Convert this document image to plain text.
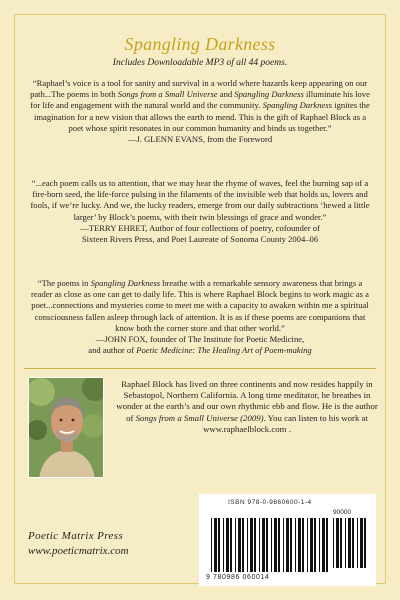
Spangling Darkness
Includes Downloadable MP3 of all 44 poems.
“Raphael’s voice is a tool for sanity and survival in a world where hazards keep appearing on our path...The poems in both Songs from a Small Universe and Spangling Darkness illuminate his love for life and engagement with the natural world and the community. Spangling Darkness ignites the imagination for a new vision that allows the earth to mend. This is the gift of Raphael Block as a poet whose spirit resonates in our common humanity and binds us together.”
—J. GLENN EVANS, from the Foreword
“...each poem calls us to attention, that we may hear the rhyme of waves, feel the burning sap of a fire-born seed, the life-force pulsing in the filaments of the invisible web that holds us, lovers and fools, if we’re lucky. And we, the lucky readers, emerge from our daily subtractions ‘hewed a little larger’ by Block’s poems, with their twin blessings of grace and wonder.”
—TERRY EHRET, Author of four collections of poetry, cofounder of
Sixteen Rivers Press, and Poet Laureate of Sonoma County 2004–06
“The poems in Spangling Darkness breathe with a remarkable sensory awareness that brings a reader as close as one can get to daily life. This is where Raphael Block begins to work magic as a poet...connections and mysteries come to meet me with a capacity to awaken within me a spiritual consciousness fallen asleep through lack of attention. It is as if these poems are companions that know both the corner store and that other world.”
—JOHN FOX, founder of The Institute for Poetic Medicine,
and author of Poetic Medicine: The Healing Art of Poem-making
Raphael Block has lived on three continents and now resides happily in Sebastopol, Northern California. A long time meditator, he breathes in wonder at the earth’s and our own rhythmic ebb and flow. He is the author of Songs from a Small Universe (2009). You can listen to his work at www.raphaelblock.com .
ISBN 978-0-9860600-1-4
90000
9 780986 060014
Poetic Matrix Press
www.poeticmatrix.com
